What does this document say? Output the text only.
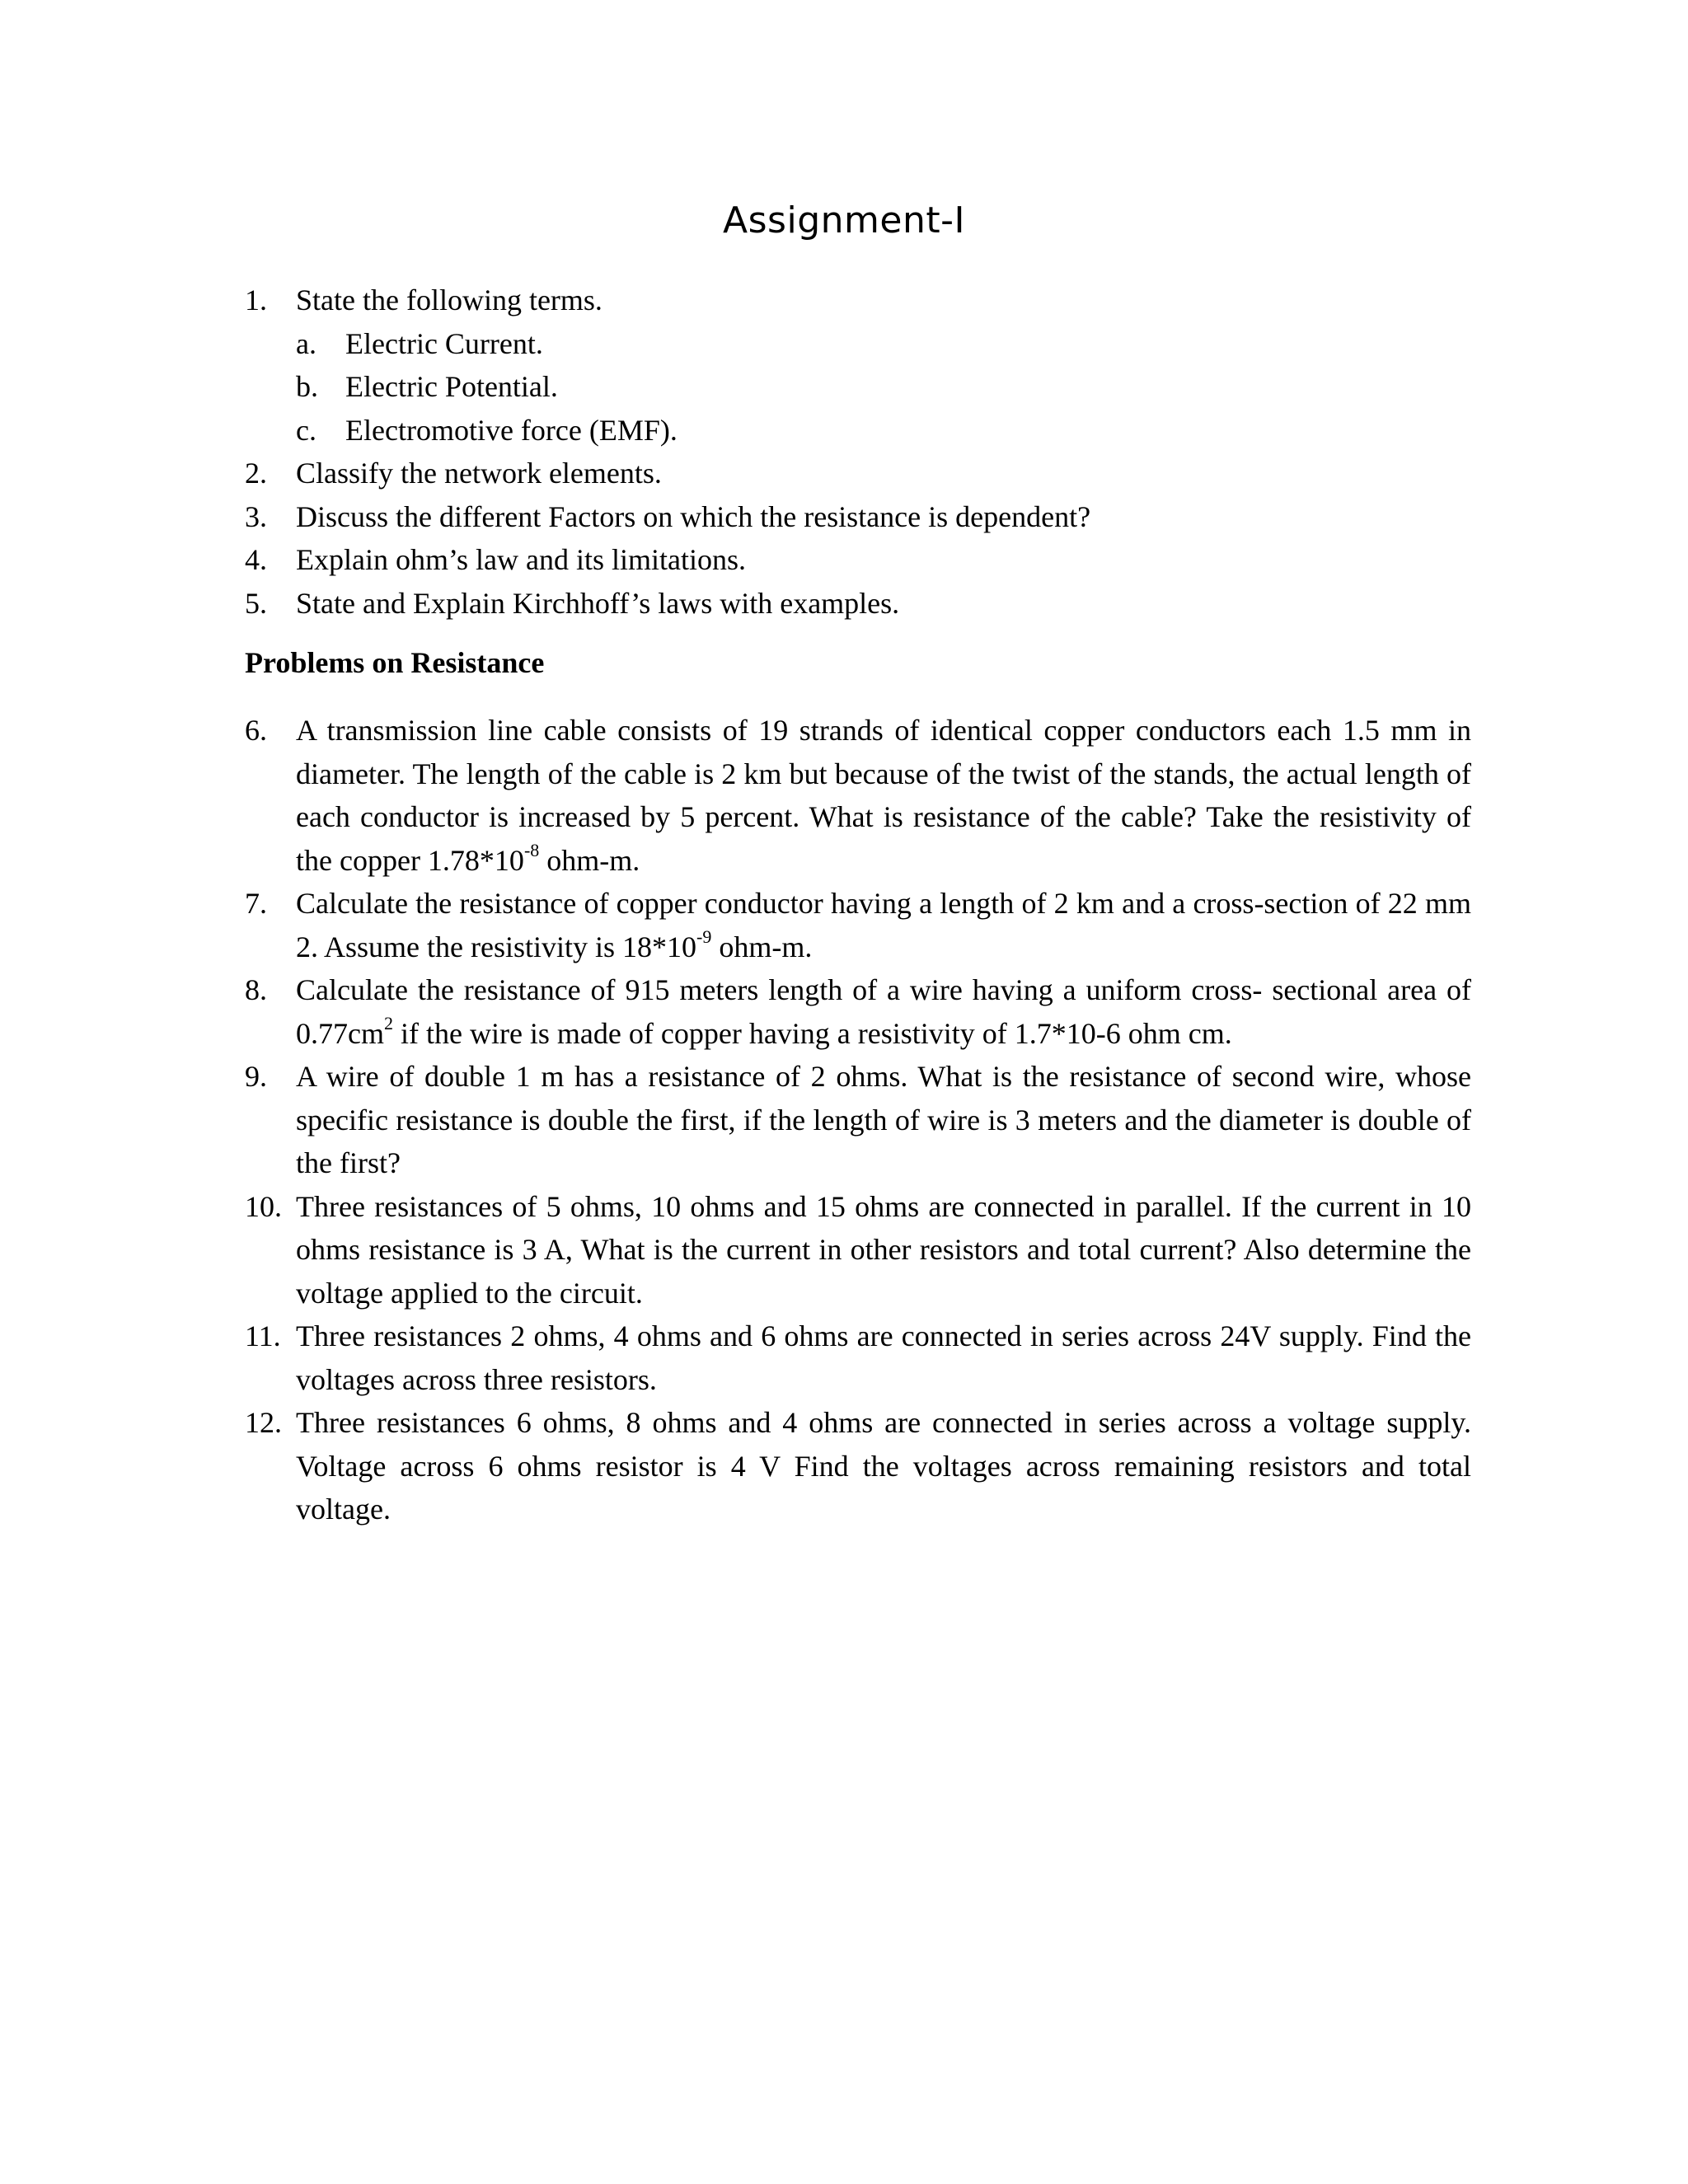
Assignment-I
1. State the following terms.
a. Electric Current.
b. Electric Potential.
c. Electromotive force (EMF).
2. Classify the network elements.
3. Discuss the different Factors on which the resistance is dependent?
4. Explain ohm’s law and its limitations.
5. State and Explain Kirchhoff’s laws with examples.
Problems on Resistance
6. A transmission line cable consists of 19 strands of identical copper conductors each 1.5 mm in diameter. The length of the cable is 2 km but because of the twist of the stands, the actual length of each conductor is increased by 5 percent. What is resistance of the cable? Take the resistivity of the copper $1.78*10^{-8}$ ohm-m.
7. Calculate the resistance of copper conductor having a length of 2 km and a cross-section of 22 mm 2. Assume the resistivity is $18*10^{-9}$ ohm-m.
8. Calculate the resistance of 915 meters length of a wire having a uniform cross- sectional area of $0.77cm^2$ if the wire is made of copper having a resistivity of 1.7*10-6 ohm cm.
9. A wire of double 1 m has a resistance of 2 ohms. What is the resistance of second wire, whose specific resistance is double the first, if the length of wire is 3 meters and the diameter is double of the first?
10. Three resistances of 5 ohms, 10 ohms and 15 ohms are connected in parallel. If the current in 10 ohms resistance is 3 A, What is the current in other resistors and total current? Also determine the voltage applied to the circuit.
11. Three resistances 2 ohms, 4 ohms and 6 ohms are connected in series across 24V supply. Find the voltages across three resistors.
12. Three resistances 6 ohms, 8 ohms and 4 ohms are connected in series across a voltage supply. Voltage across 6 ohms resistor is 4 V Find the voltages across remaining resistors and total voltage.
